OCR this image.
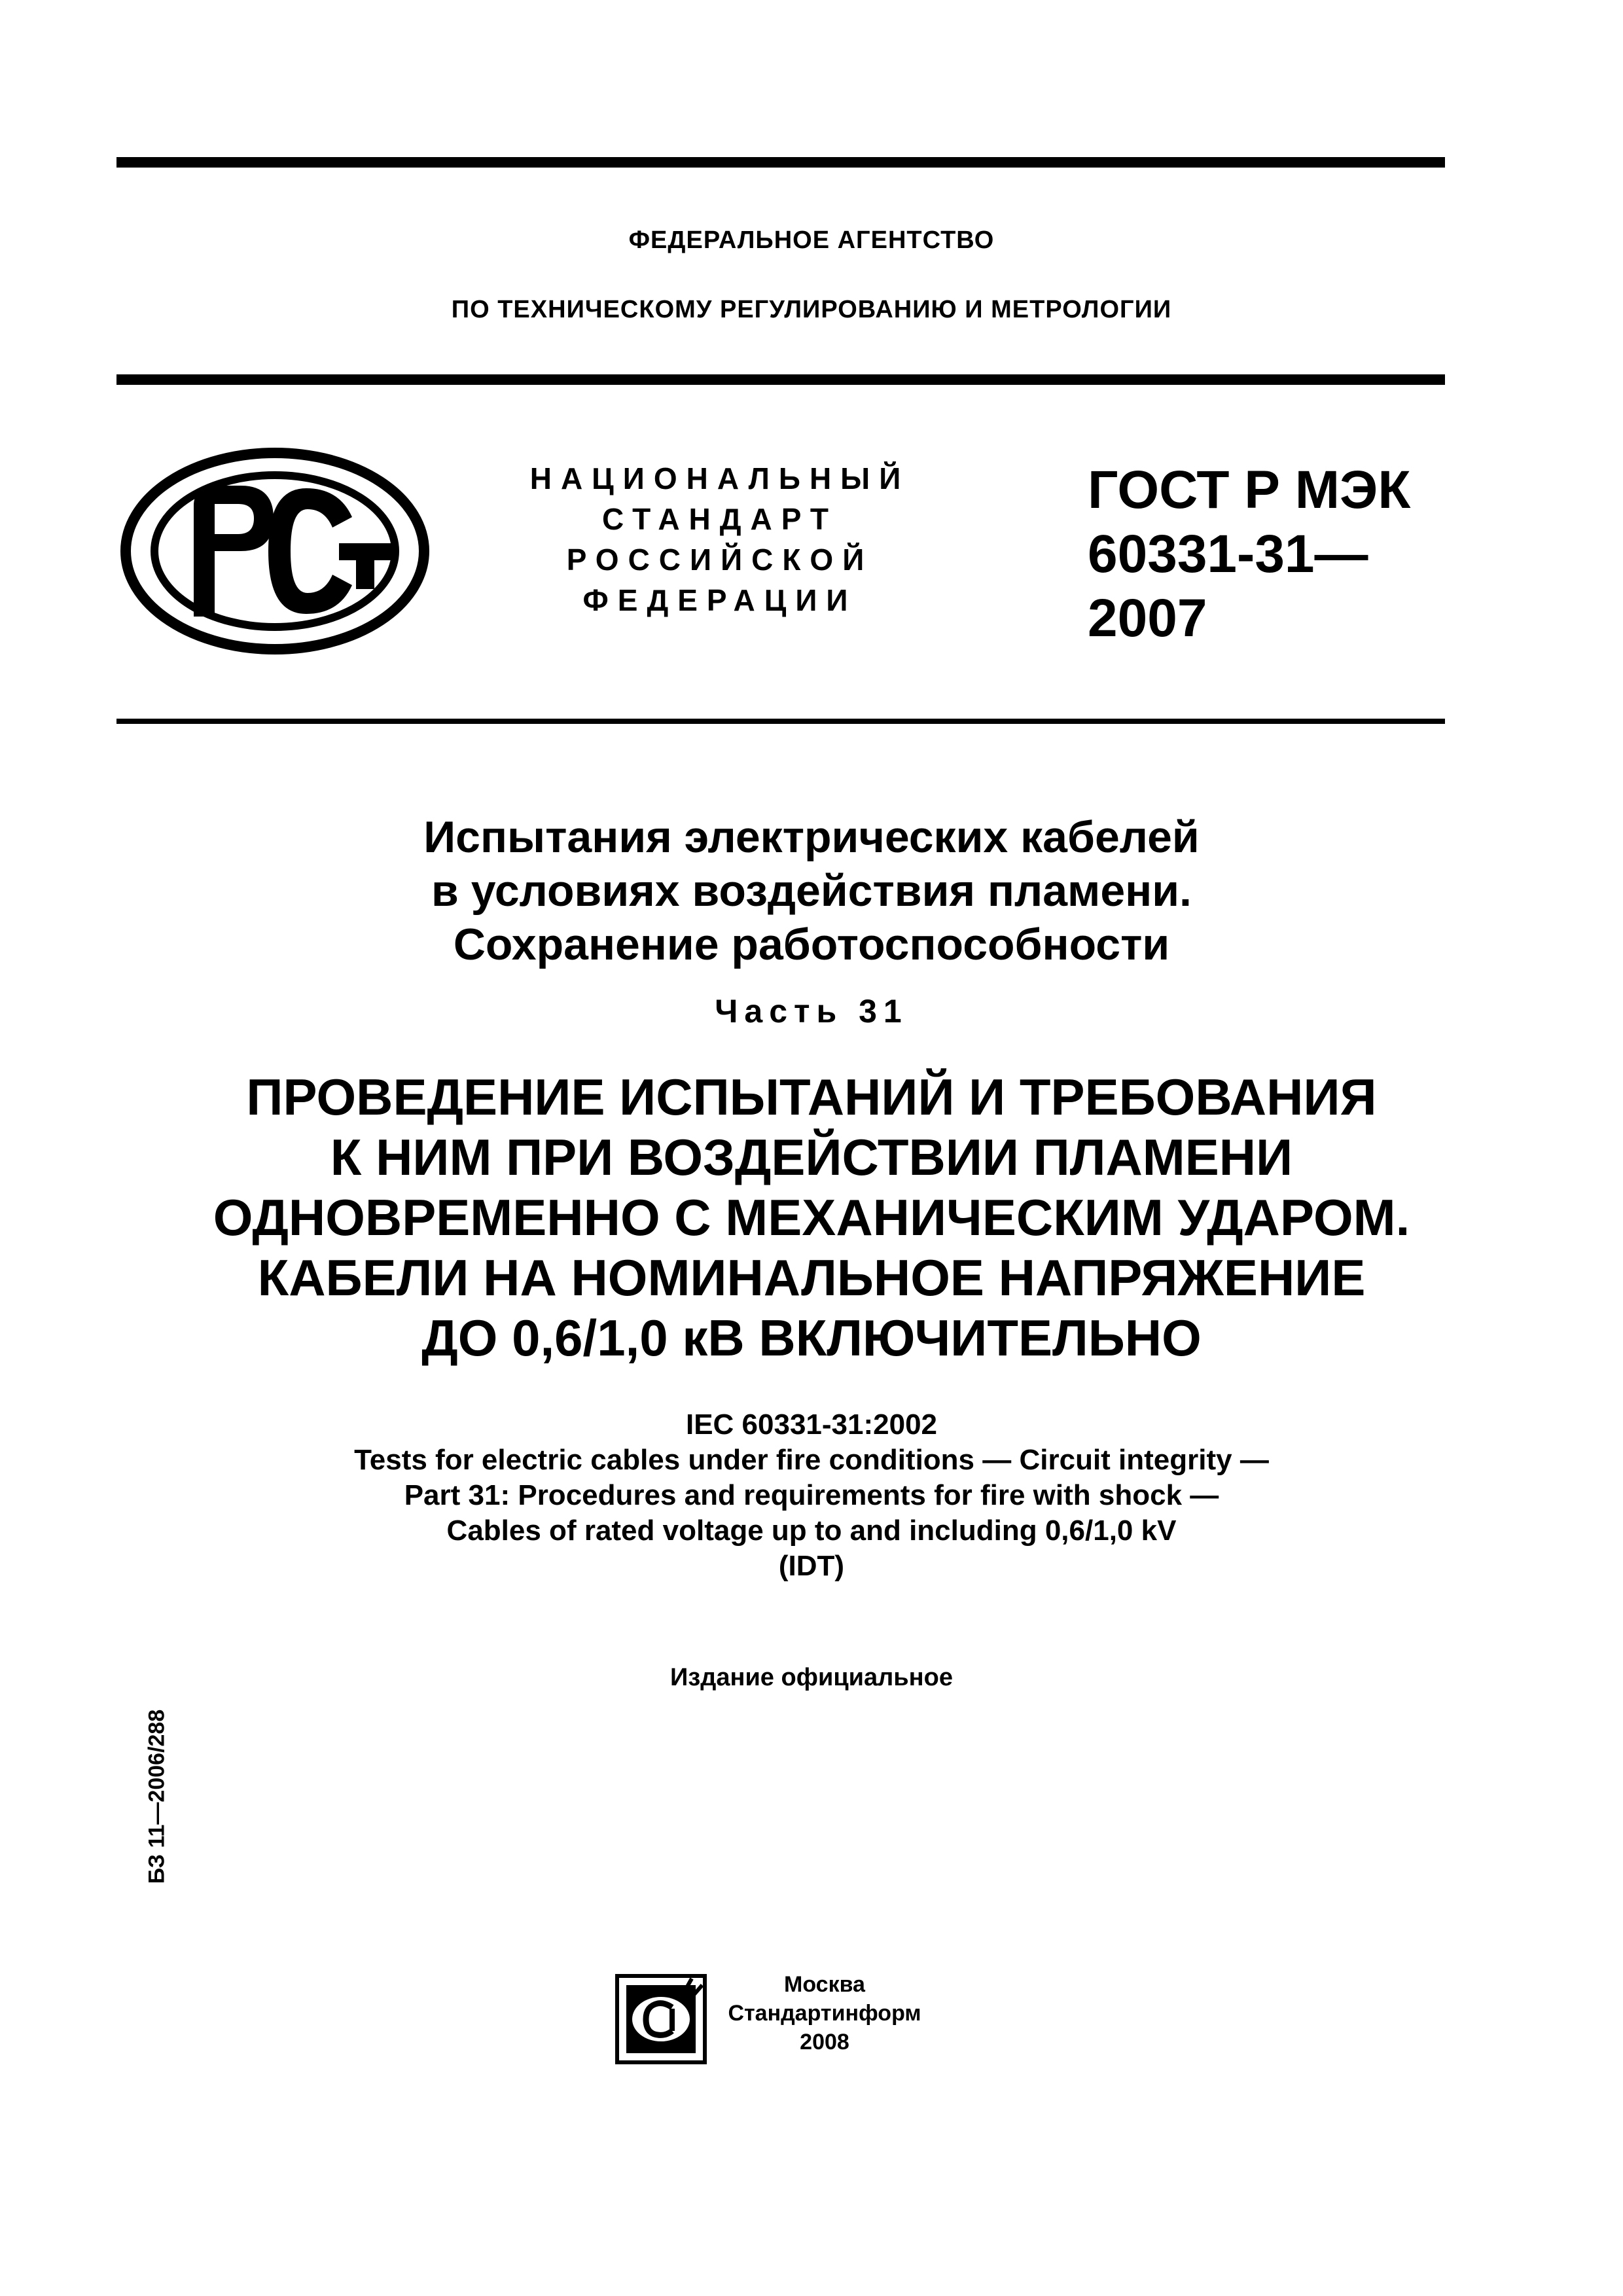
ФЕДЕРАЛЬНОЕ АГЕНТСТВО
ПО ТЕХНИЧЕСКОМУ РЕГУЛИРОВАНИЮ И МЕТРОЛОГИИ
НАЦИОНАЛЬНЫЙ
СТАНДАРТ
РОССИЙСКОЙ
ФЕДЕРАЦИИ
ГОСТ Р МЭК
60331-31—
2007
Испытания электрических кабелей
в условиях воздействия пламени.
Сохранение работоспособности
Часть 31
ПРОВЕДЕНИЕ ИСПЫТАНИЙ И ТРЕБОВАНИЯ
К НИМ ПРИ ВОЗДЕЙСТВИИ ПЛАМЕНИ
ОДНОВРЕМЕННО С МЕХАНИЧЕСКИМ УДАРОМ.
КАБЕЛИ НА НОМИНАЛЬНОЕ НАПРЯЖЕНИЕ
ДО 0,6/1,0 кВ ВКЛЮЧИТЕЛЬНО
IEC 60331-31:2002
Tests for electric cables under fire conditions — Circuit integrity —
Part 31: Procedures and requirements for fire with shock —
Cables of rated voltage up to and including 0,6/1,0 kV
(IDT)
Издание официальное
БЗ 11—2006/288
Москва
Стандартинформ
2008
